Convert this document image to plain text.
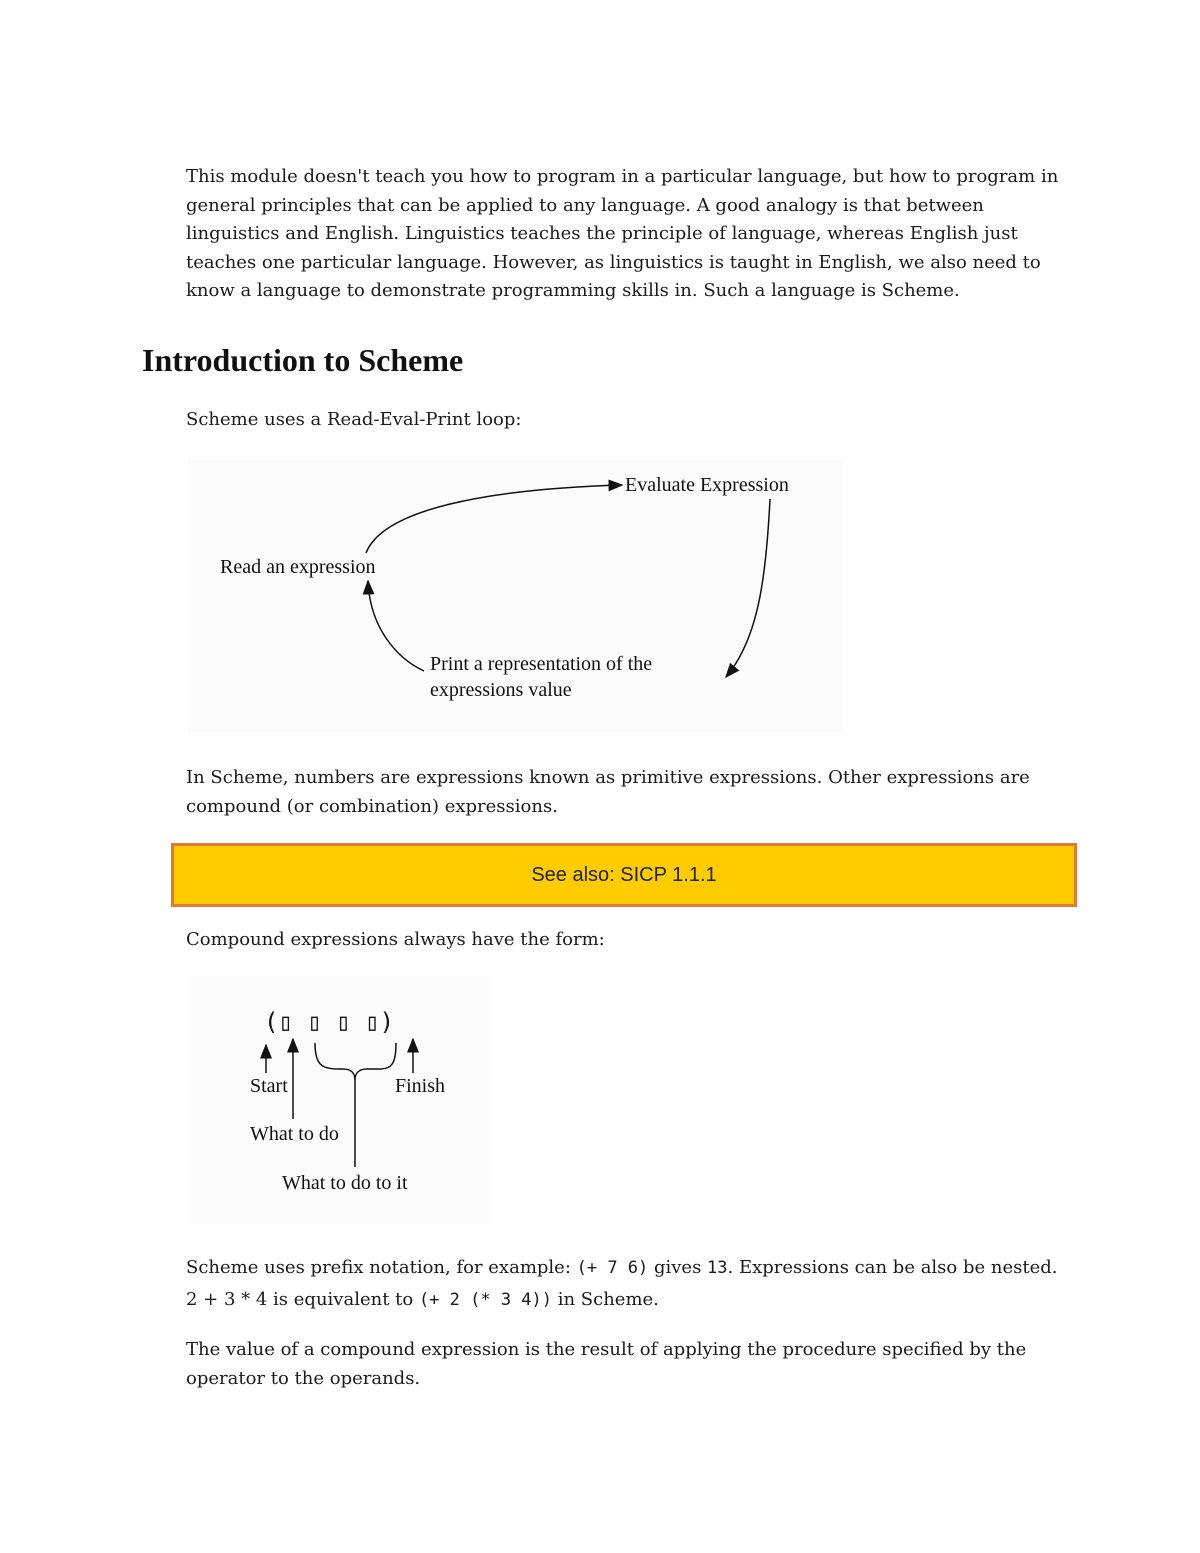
This module doesn't teach you how to program in a particular language, but how to program in general principles that can be applied to any language. A good analogy is that between linguistics and English. Linguistics teaches the principle of language, whereas English just teaches one particular language. However, as linguistics is taught in English, we also need to know a language to demonstrate programming skills in. Such a language is Scheme.

Introduction to Scheme

Scheme uses a Read-Eval-Print loop:

Evaluate Expression
Read an expression
Print a representation of the
expressions value

In Scheme, numbers are expressions known as primitive expressions. Other expressions are compound (or combination) expressions.

See also: SICP 1.1.1

Compound expressions always have the form:

(▯ ▯ ▯ ▯)
Start	Finish
What to do
What to do to it

Scheme uses prefix notation, for example: (+ 7 6) gives 13. Expressions can be also be nested. 2 + 3 * 4 is equivalent to (+ 2 (* 3 4)) in Scheme.

The value of a compound expression is the result of applying the procedure specified by the operator to the operands.
